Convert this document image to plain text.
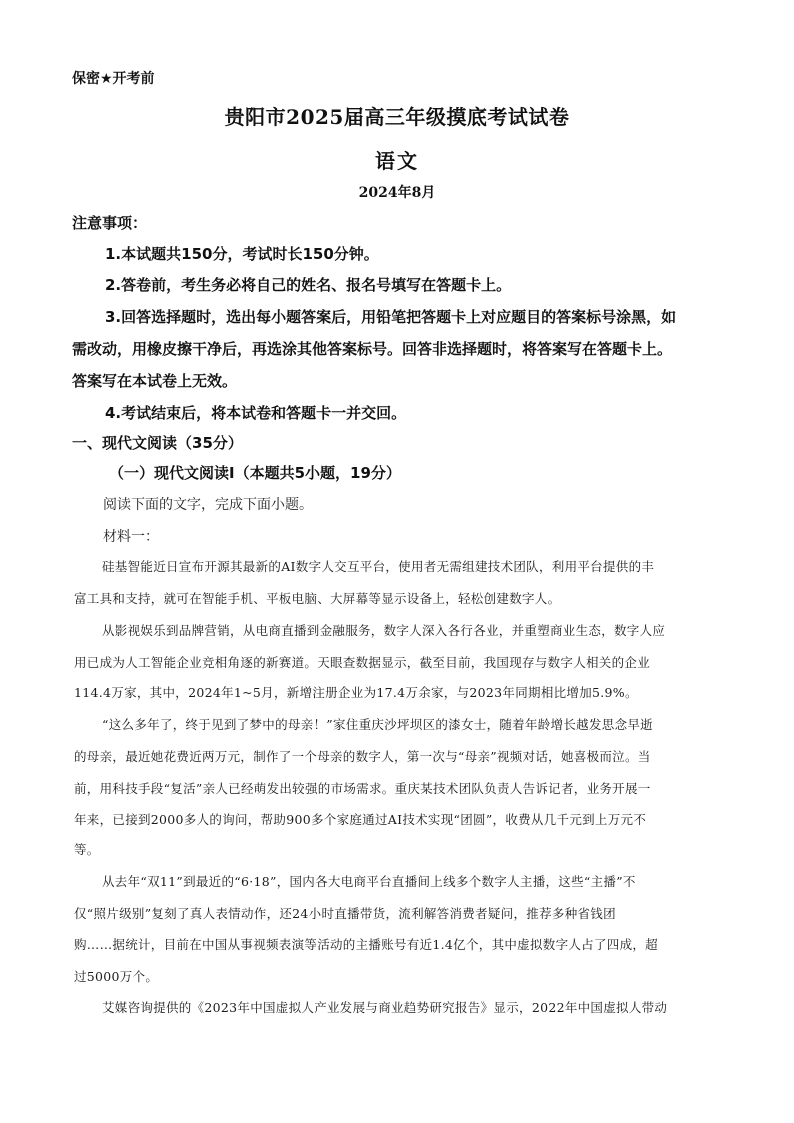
保密★开考前
贵阳市2025届高三年级摸底考试试卷
语文
2024年8月
注意事项：
1.本试题共150分，考试时长150分钟。
2.答卷前，考生务必将自己的姓名、报名号填写在答题卡上。
3.回答选择题时，选出每小题答案后，用铅笔把答题卡上对应题目的答案标号涂黑，如
需改动，用橡皮擦干净后，再选涂其他答案标号。回答非选择题时，将答案写在答题卡上。
答案写在本试卷上无效。
4.考试结束后，将本试卷和答题卡一并交回。
一、现代文阅读（35分）
（一）现代文阅读Ⅰ（本题共5小题，19分）
阅读下面的文字，完成下面小题。
材料一：
硅基智能近日宣布开源其最新的AI数字人交互平台，使用者无需组建技术团队，利用平台提供的丰
富工具和支持，就可在智能手机、平板电脑、大屏幕等显示设备上，轻松创建数字人。
从影视娱乐到品牌营销，从电商直播到金融服务，数字人深入各行各业，并重塑商业生态，数字人应
用已成为人工智能企业竞相角逐的新赛道。天眼查数据显示，截至目前，我国现存与数字人相关的企业
114.4万家，其中，2024年1~5月，新增注册企业为17.4万余家，与2023年同期相比增加5.9%。
“这么多年了，终于见到了梦中的母亲！”家住重庆沙坪坝区的漆女士，随着年龄增长越发思念早逝
的母亲，最近她花费近两万元，制作了一个母亲的数字人，第一次与“母亲”视频对话，她喜极而泣。当
前，用科技手段“复活”亲人已经萌发出较强的市场需求。重庆某技术团队负责人告诉记者，业务开展一
年来，已接到2000多人的询问，帮助900多个家庭通过AI技术实现“团圆”，收费从几千元到上万元不
等。
从去年“双11”到最近的“6·18”，国内各大电商平台直播间上线多个数字人主播，这些“主播”不
仅“照片级别”复刻了真人表情动作，还24小时直播带货，流利解答消费者疑问，推荐多种省钱团
购……据统计，目前在中国从事视频表演等活动的主播账号有近1.4亿个，其中虚拟数字人占了四成，超
过5000万个。
艾媒咨询提供的《2023年中国虚拟人产业发展与商业趋势研究报告》显示，2022年中国虚拟人带动
